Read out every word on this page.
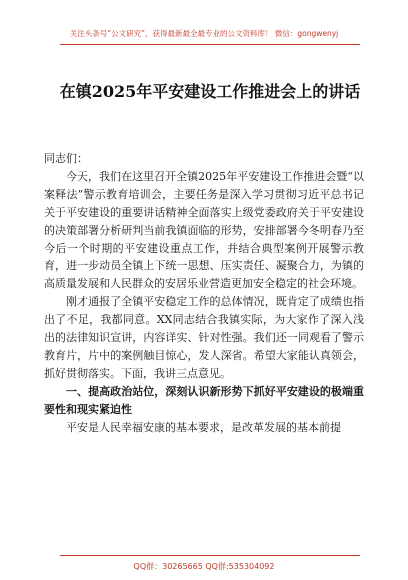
关注头条号“公文研究”，获得最新最全最专业的公文资料库！ 微信：gongwenyj
在镇2025年平安建设工作推进会上的讲话

同志们：

今天，我们在这里召开全镇2025年平安建设工作推进会暨“以案释法”警示教育培训会，主要任务是深入学习贯彻习近平总书记关于平安建设的重要讲话精神全面落实上级党委政府关于平安建设的决策部署分析研判当前我镇面临的形势，安排部署今冬明春乃至今后一个时期的平安建设重点工作，并结合典型案例开展警示教育，进一步动员全镇上下统一思想、压实责任、凝聚合力，为镇的高质量发展和人民群众的安居乐业营造更加安全稳定的社会环境。

刚才通报了全镇平安稳定工作的总体情况，既肯定了成绩也指出了不足，我都同意。XX同志结合我镇实际，为大家作了深入浅出的法律知识宣讲，内容详实、针对性强。我们还一同观看了警示教育片，片中的案例触目惊心，发人深省。希望大家能认真领会，抓好贯彻落实。下面，我讲三点意见。

一、提高政治站位，深刻认识新形势下抓好平安建设的极端重要性和现实紧迫性

平安是人民幸福安康的基本要求，是改革发展的基本前提

QQ群：30265665 QQ群:535304092
